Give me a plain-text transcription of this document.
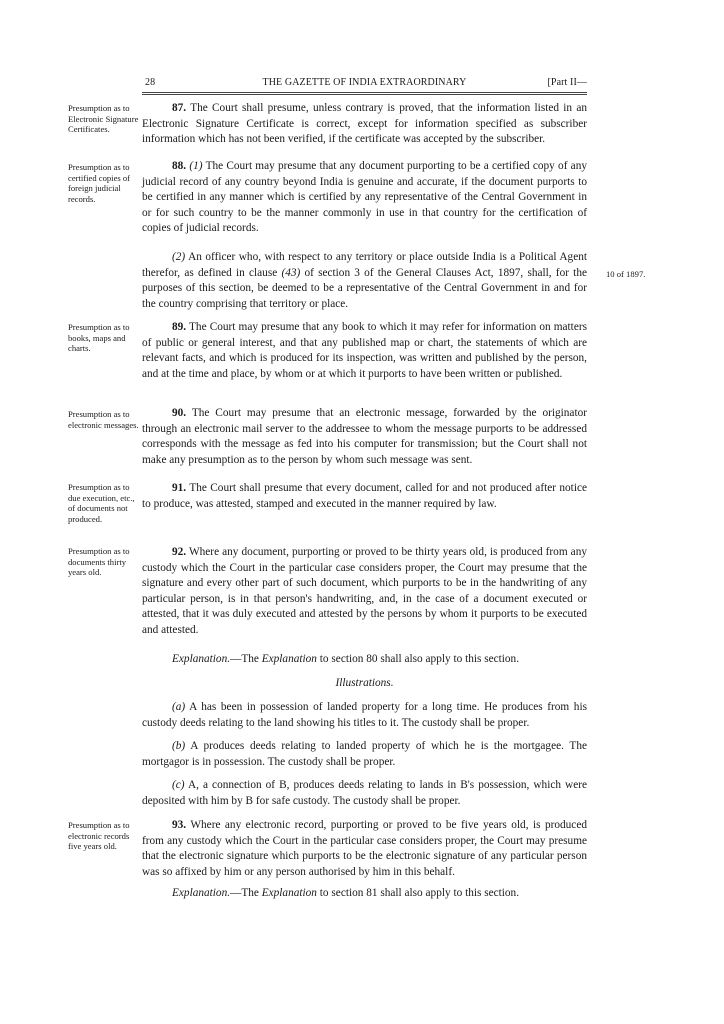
28	THE GAZETTE OF INDIA EXTRAORDINARY	[Part II—
Presumption as to Electronic Signature Certificates.

87. The Court shall presume, unless contrary is proved, that the information listed in an Electronic Signature Certificate is correct, except for information specified as subscriber information which has not been verified, if the certificate was accepted by the subscriber.

Presumption as to certified copies of foreign judicial records.

88. (1) The Court may presume that any document purporting to be a certified copy of any judicial record of any country beyond India is genuine and accurate, if the document purports to be certified in any manner which is certified by any representative of the Central Government in or for such country to be the manner commonly in use in that country for the certification of copies of judicial records.

10 of 1897.

(2) An officer who, with respect to any territory or place outside India is a Political Agent therefor, as defined in clause (43) of section 3 of the General Clauses Act, 1897, shall, for the purposes of this section, be deemed to be a representative of the Central Government in and for the country comprising that territory or place.

Presumption as to books, maps and charts.

89. The Court may presume that any book to which it may refer for information on matters of public or general interest, and that any published map or chart, the statements of which are relevant facts, and which is produced for its inspection, was written and published by the person, and at the time and place, by whom or at which it purports to have been written or published.

Presumption as to electronic messages.

90. The Court may presume that an electronic message, forwarded by the originator through an electronic mail server to the addressee to whom the message purports to be addressed corresponds with the message as fed into his computer for transmission; but the Court shall not make any presumption as to the person by whom such message was sent.

Presumption as to due execution, etc., of documents not produced.

91. The Court shall presume that every document, called for and not produced after notice to produce, was attested, stamped and executed in the manner required by law.

Presumption as to documents thirty years old.

92. Where any document, purporting or proved to be thirty years old, is produced from any custody which the Court in the particular case considers proper, the Court may presume that the signature and every other part of such document, which purports to be in the handwriting of any particular person, is in that person's handwriting, and, in the case of a document executed or attested, that it was duly executed and attested by the persons by whom it purports to be executed and attested.

Explanation.—The Explanation to section 80 shall also apply to this section.

Illustrations.

(a) A has been in possession of landed property for a long time. He produces from his custody deeds relating to the land showing his titles to it. The custody shall be proper.

(b) A produces deeds relating to landed property of which he is the mortgagee. The mortgagor is in possession. The custody shall be proper.

(c) A, a connection of B, produces deeds relating to lands in B's possession, which were deposited with him by B for safe custody. The custody shall be proper.

Presumption as to electronic records five years old.

93. Where any electronic record, purporting or proved to be five years old, is produced from any custody which the Court in the particular case considers proper, the Court may presume that the electronic signature which purports to be the electronic signature of any particular person was so affixed by him or any person authorised by him in this behalf.

Explanation.—The Explanation to section 81 shall also apply to this section.
